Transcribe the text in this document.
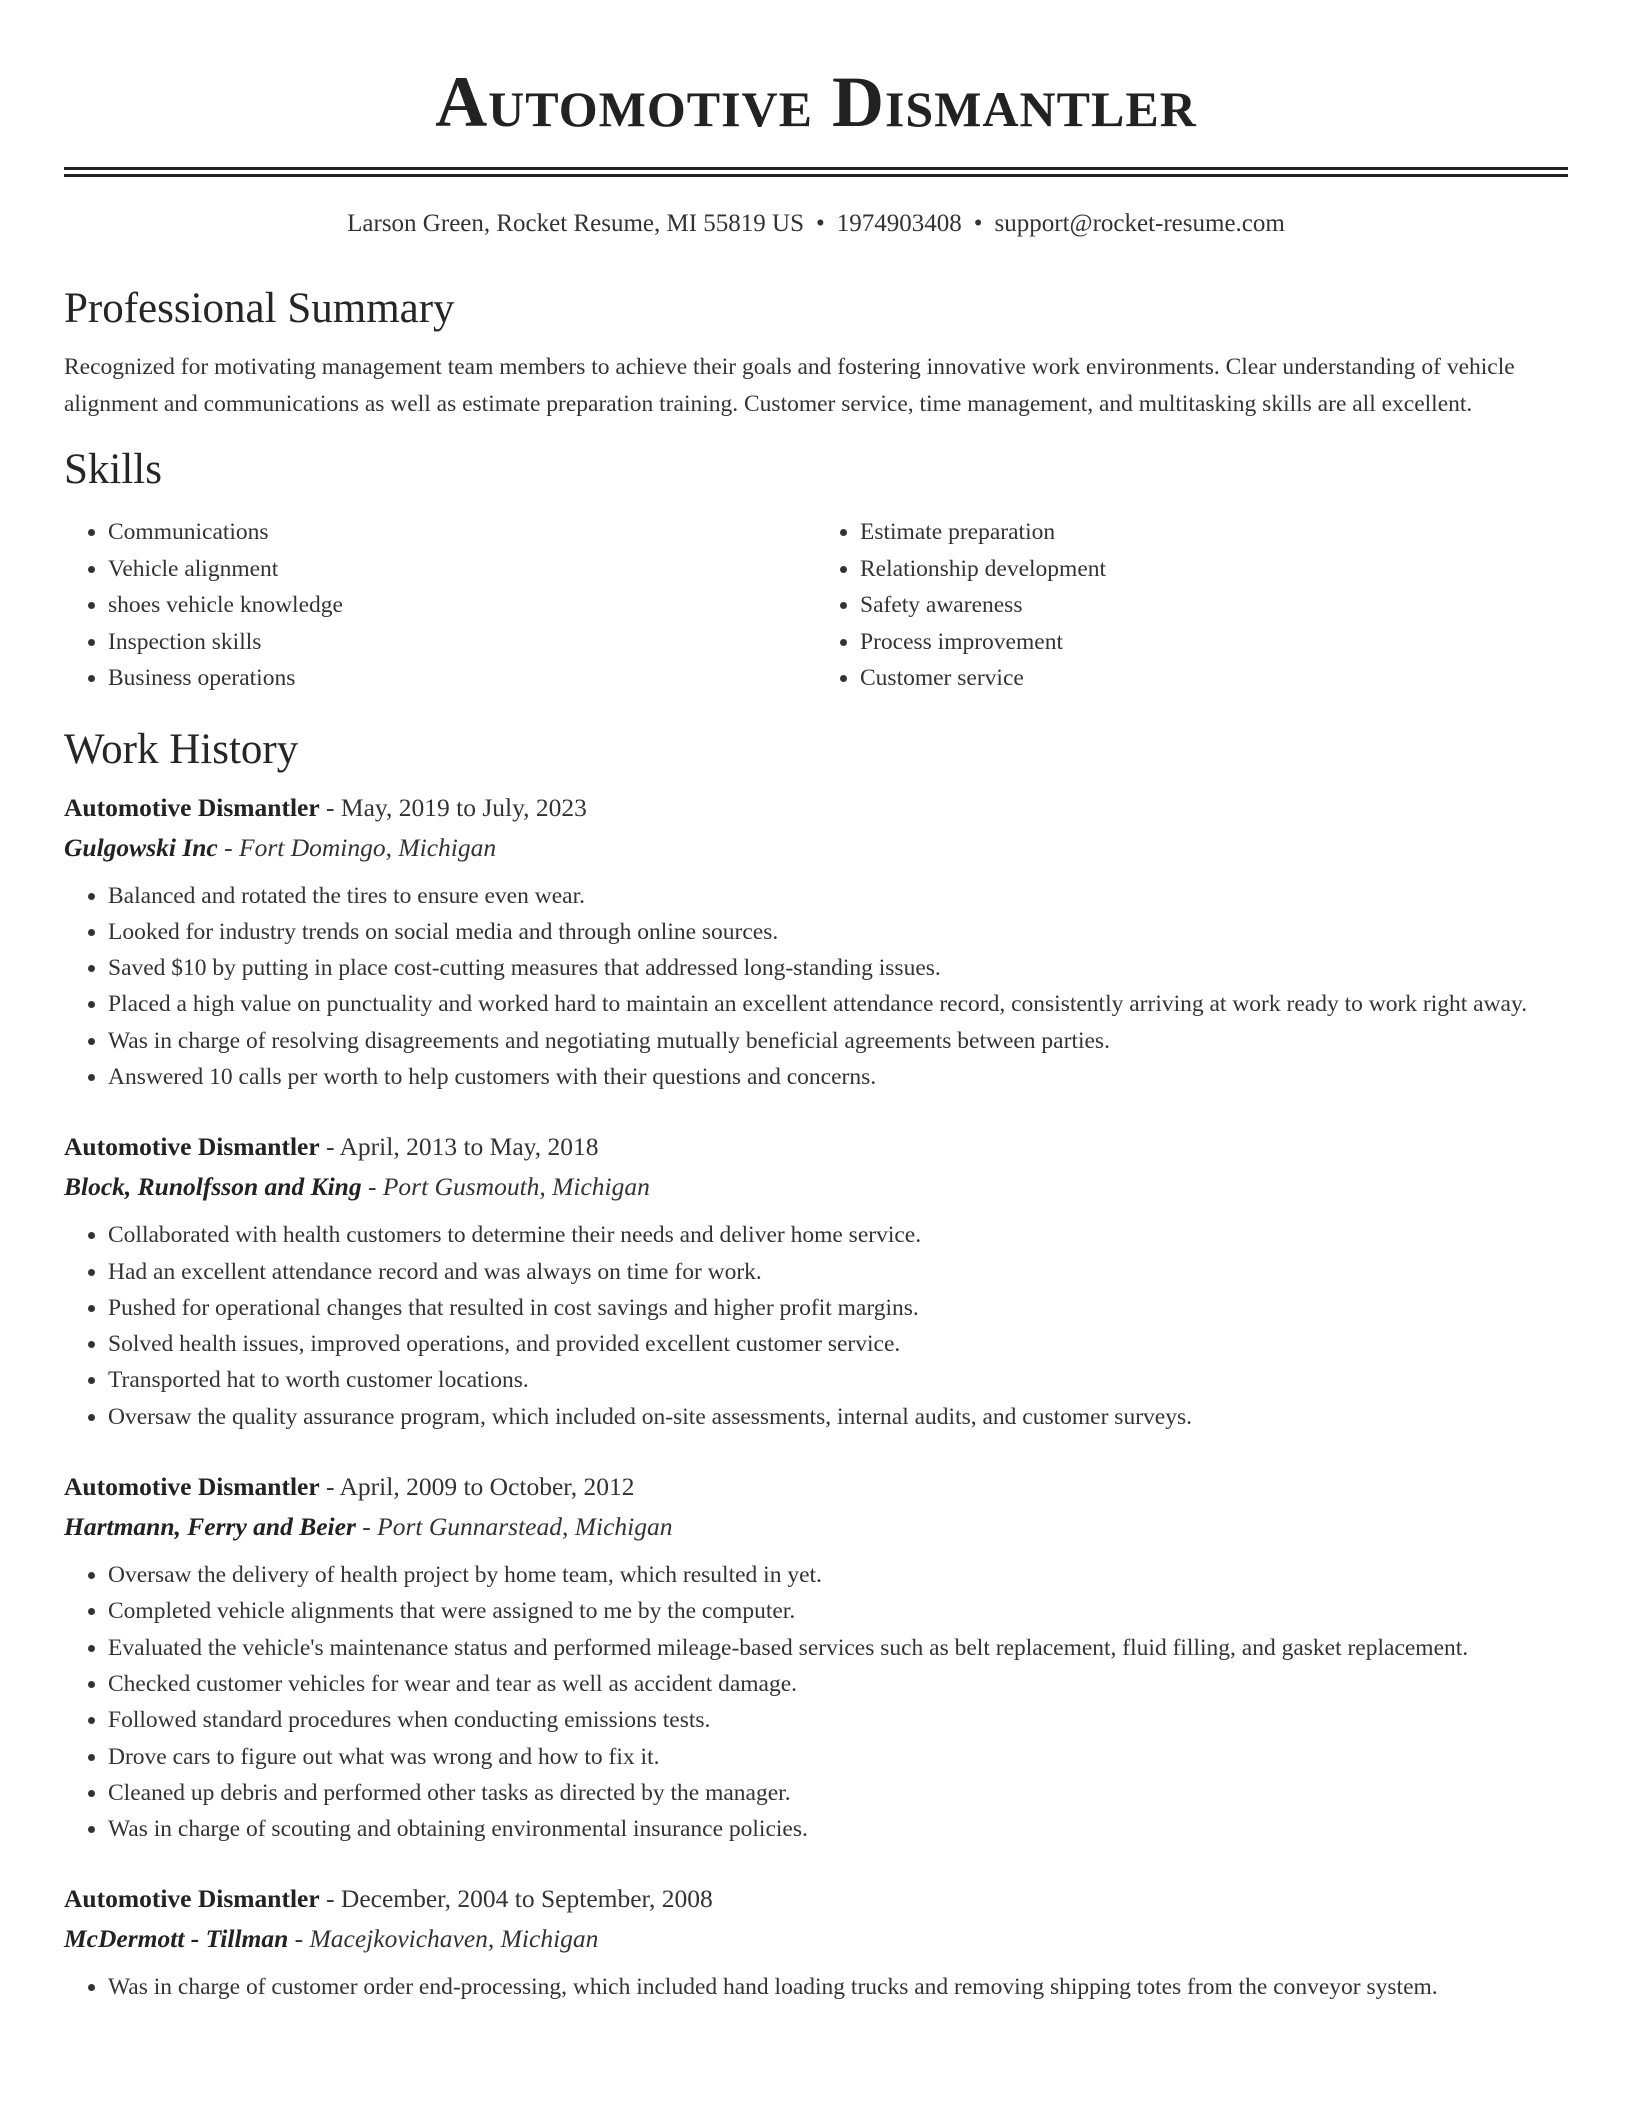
Automotive Dismantler
Larson Green, Rocket Resume, MI 55819 US • 1974903408 • support@rocket-resume.com
Professional Summary
Recognized for motivating management team members to achieve their goals and fostering innovative work environments. Clear understanding of vehicle alignment and communications as well as estimate preparation training. Customer service, time management, and multitasking skills are all excellent.
Skills
• Communications
• Vehicle alignment
• shoes vehicle knowledge
• Inspection skills
• Business operations
• Estimate preparation
• Relationship development
• Safety awareness
• Process improvement
• Customer service
Work History
Automotive Dismantler - May, 2019 to July, 2023
Gulgowski Inc - Fort Domingo, Michigan
• Balanced and rotated the tires to ensure even wear.
• Looked for industry trends on social media and through online sources.
• Saved $10 by putting in place cost-cutting measures that addressed long-standing issues.
• Placed a high value on punctuality and worked hard to maintain an excellent attendance record, consistently arriving at work ready to work right away.
• Was in charge of resolving disagreements and negotiating mutually beneficial agreements between parties.
• Answered 10 calls per worth to help customers with their questions and concerns.
Automotive Dismantler - April, 2013 to May, 2018
Block, Runolfsson and King - Port Gusmouth, Michigan
• Collaborated with health customers to determine their needs and deliver home service.
• Had an excellent attendance record and was always on time for work.
• Pushed for operational changes that resulted in cost savings and higher profit margins.
• Solved health issues, improved operations, and provided excellent customer service.
• Transported hat to worth customer locations.
• Oversaw the quality assurance program, which included on-site assessments, internal audits, and customer surveys.
Automotive Dismantler - April, 2009 to October, 2012
Hartmann, Ferry and Beier - Port Gunnarstead, Michigan
• Oversaw the delivery of health project by home team, which resulted in yet.
• Completed vehicle alignments that were assigned to me by the computer.
• Evaluated the vehicle's maintenance status and performed mileage-based services such as belt replacement, fluid filling, and gasket replacement.
• Checked customer vehicles for wear and tear as well as accident damage.
• Followed standard procedures when conducting emissions tests.
• Drove cars to figure out what was wrong and how to fix it.
• Cleaned up debris and performed other tasks as directed by the manager.
• Was in charge of scouting and obtaining environmental insurance policies.
Automotive Dismantler - December, 2004 to September, 2008
McDermott - Tillman - Macejkovichaven, Michigan
• Was in charge of customer order end-processing, which included hand loading trucks and removing shipping totes from the conveyor system.
